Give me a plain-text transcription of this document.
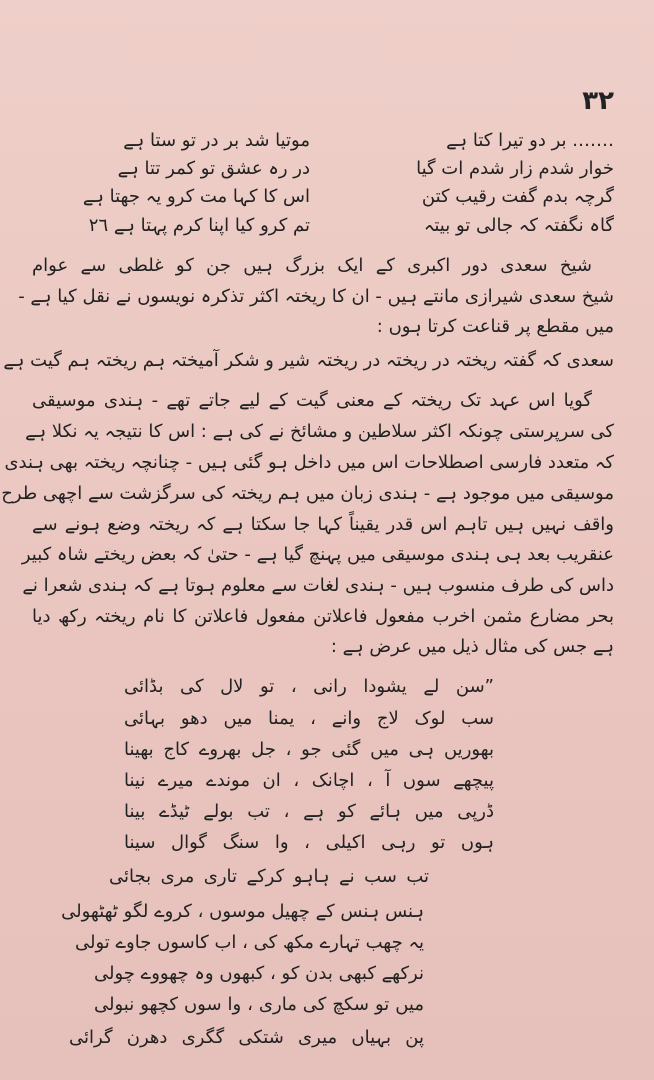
۳۲
……. بر دو تیرا کتا ہے
موتیا شد بر در تو ستا ہے
خوار شدم زار شدم ات گیا
در رہ عشق تو کمر تتا ہے
گرچہ بدم گفت رقیب کتن
اس کا کہا مت کرو یہ جھتا ہے
گاہ نگفتہ کہ جالی تو بیتہ
تم کرو کیا اپنا کرم پہتا ہے ٢٦
شیخ سعدی دور اکبری کے ایک بزرگ ہیں جن کو غلطی سے عوام
شیخ سعدی شیرازی مانتے ہیں - ان کا ریختہ اکثر تذکرہ نویسوں نے نقل کیا ہے -
میں مقطع پر قناعت کرتا ہوں :
سعدی کہ گفتہ ریختہ در ریختہ در ریختہ
شیر و شکر آمیختہ ہم ریختہ ہم گیت ہے
گویا اس عہد تک ریختہ کے معنی گیت کے لیے جاتے تھے - ہندی موسیقی
کی سرپرستی چونکہ اکثر سلاطین و مشائخ نے کی ہے : اس کا نتیجہ یہ نکلا ہے
کہ متعدد فارسی اصطلاحات اس میں داخل ہو گئی ہیں - چنانچہ ریختہ بھی ہندی
موسیقی میں موجود ہے - ہندی زبان میں ہم ریختہ کی سرگزشت سے اچھی طرح
واقف نہیں ہیں تاہم اس قدر یقیناً کہا جا سکتا ہے کہ ریختہ وضع ہونے سے
عنقریب بعد ہی ہندی موسیقی میں پہنچ گیا ہے - حتیٰ کہ بعض ریختے شاہ کبیر
داس کی طرف منسوب ہیں - ہندی لغات سے معلوم ہوتا ہے کہ ہندی شعرا نے
بحر مضارع مثمن اخرب مفعول فاعلاتن مفعول فاعلاتن کا نام ریختہ رکھ دیا
ہے جس کی مثال ذیل میں عرض ہے :
”سن لے یشودا رانی ، تو لال کی بڈائی
سب لوک لاج وانے ، یمنا میں دھو بہائی
بھوریں ہی میں گئی جو ، جل بھروے کاج بھینا
پیچھے سوں آ ، اچانک ، ان موندے میرے نینا
ڈرپی میں ہائے کو ہے ، تب بولے ٹیڈے بینا
ہوں تو رہی اکیلی ، وا سنگ گوال سینا
تب سب نے ہاہو کرکے تاری مری بجائی
ہنس ہنس کے چھیل موسوں ، کروے لگو ٹھٹھولی
یہ چھب تہارے مکھ کی ، اب کاسوں جاوے تولی
نرکھے کبھی بدن کو ، کبھوں وہ چھووے چولی
میں تو سکچ کی ماری ، وا سوں کچھو نبولی
پن بہیاں میری شتکی گگری دھرن گرائی
